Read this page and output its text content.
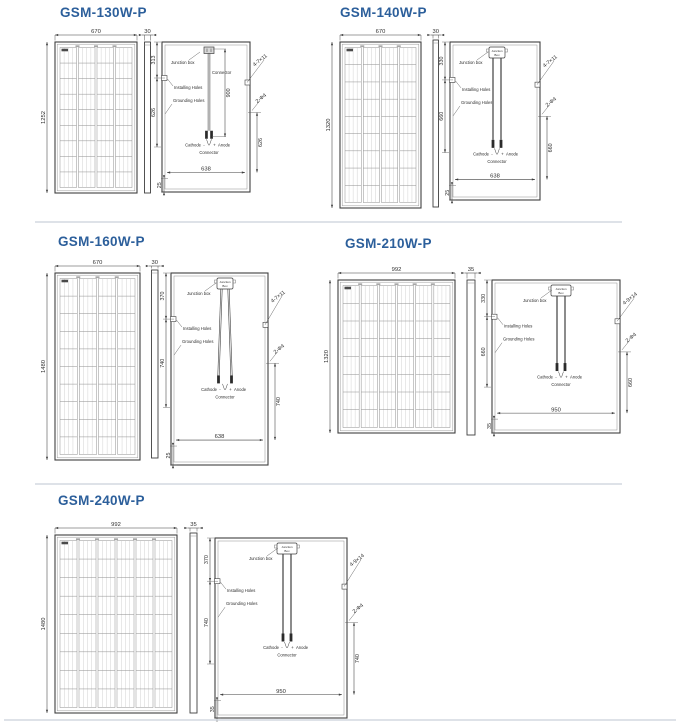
670
1252
30
- +
Cathode	Anode
Connector
Junction box
Connector
900
Installing Holes
Grounding Holes
313
626
4-7×11
2-Φ4
626
638
25
670
1320
30
Junction
Box
- +
Cathode	Anode
Connector
Junction box
Installing Holes
Grounding Holes
330
660
4-7×11
2-Φ4
660
638
25
670
1480
30
Junction
Box
- +
Cathode	Anode
Connector
Junction box
Installing Holes
Grounding Holes
370
740
4-7×11
2-Φ4
740
638
25
992
1320
35
Junction
Box
- +
Cathode	Anode
Connector
Junction box
Installing Holes
Grounding Holes
330
660
4-9×14
2-Φ4
660
950
35
992
1480
35
Junction
Box
- +
Cathode	Anode
Connector
Junction box
Installing Holes
Grounding Holes
370
740
4-9×14
2-Φ4
740
950
35
GSM-130W-P	GSM-140W-P
GSM-160W-P	GSM-210W-P
GSM-240W-P
